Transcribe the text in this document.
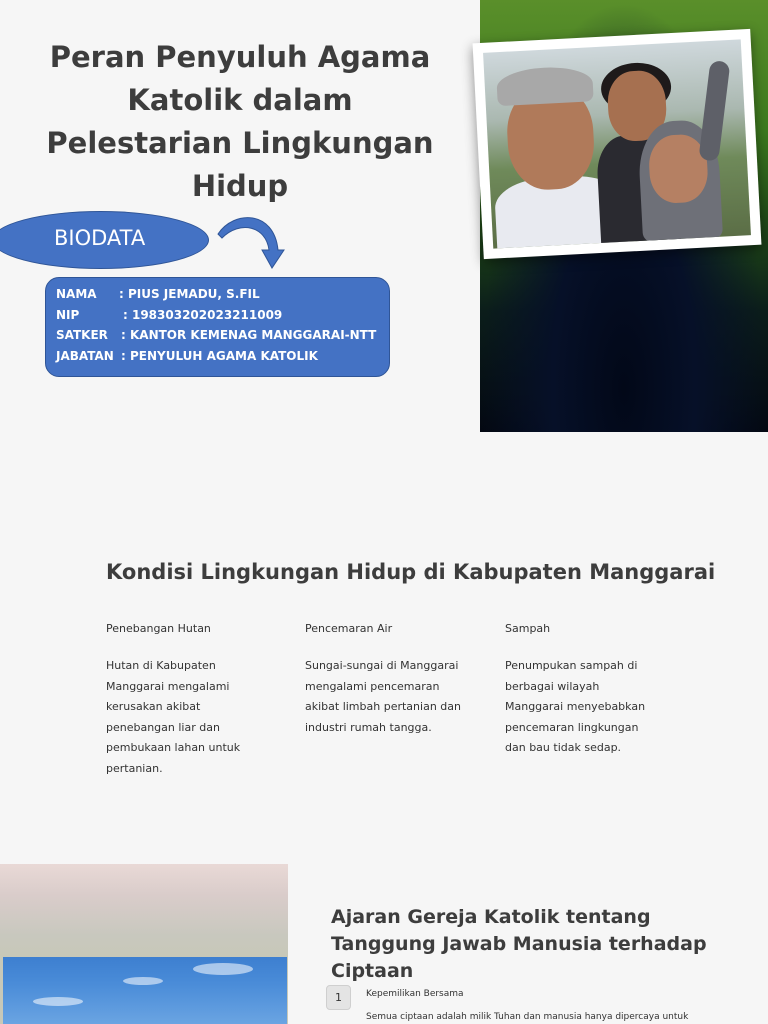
Peran Penyuluh Agama Katolik dalam Pelestarian Lingkungan Hidup
BIODATA
NAMA	: PIUS JEMADU, S.FIL
NIP	: 198303202023211009
SATKER	: KANTOR KEMENAG MANGGARAI-NTT
JABATAN : PENYULUH AGAMA KATOLIK
Kondisi Lingkungan Hidup di Kabupaten Manggarai
Penebangan Hutan

Hutan di Kabupaten Manggarai mengalami kerusakan akibat penebangan liar dan pembukaan lahan untuk pertanian.

Pencemaran Air

Sungai-sungai di Manggarai mengalami pencemaran akibat limbah pertanian dan industri rumah tangga.

Sampah

Penumpukan sampah di berbagai wilayah Manggarai menyebabkan pencemaran lingkungan dan bau tidak sedap.

Ajaran Gereja Katolik tentang Tanggung Jawab Manusia terhadap Ciptaan
1	Kepemilikan Bersama
Semua ciptaan adalah milik Tuhan dan manusia hanya dipercaya untuk
